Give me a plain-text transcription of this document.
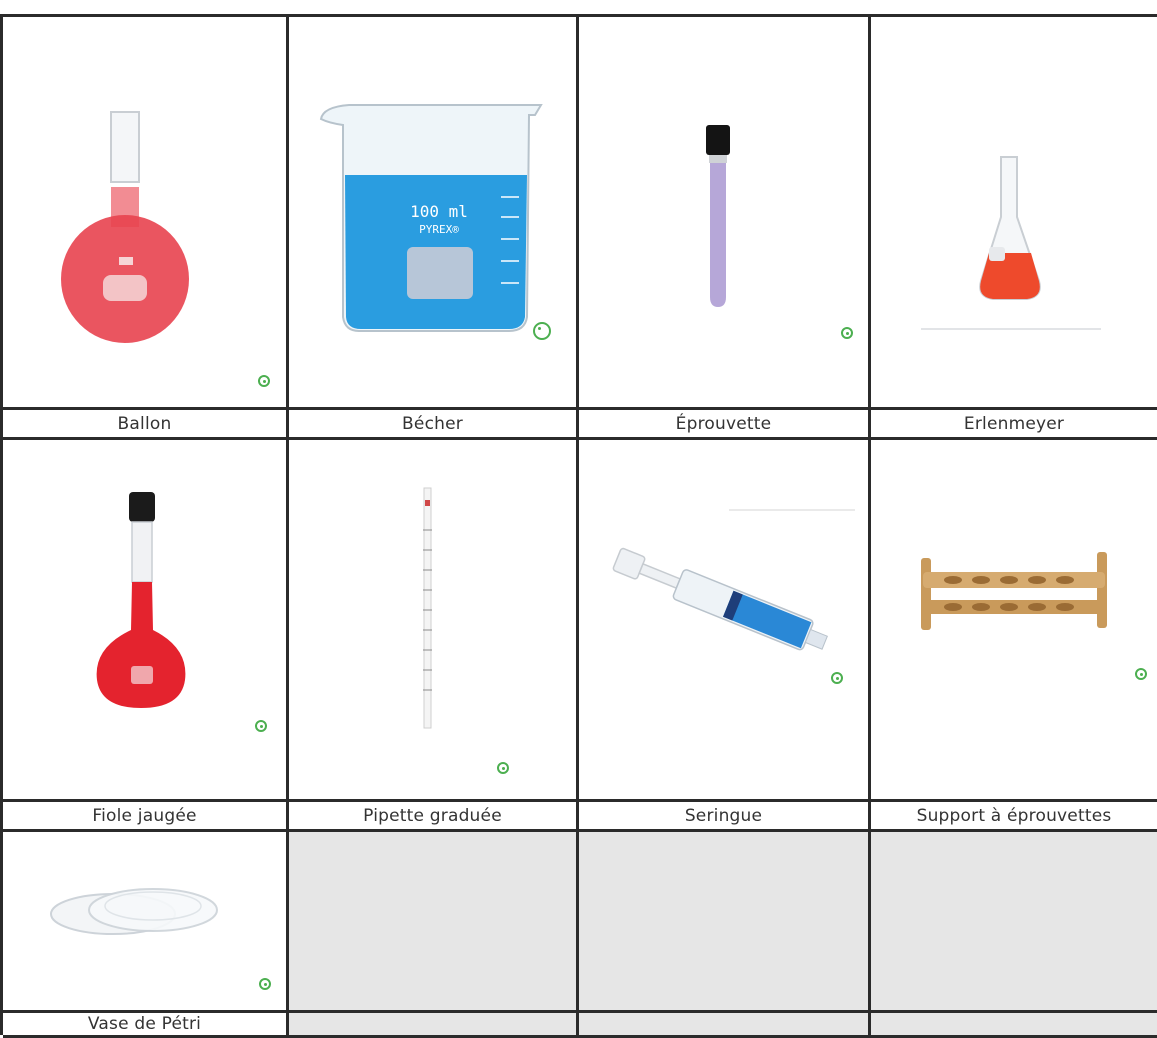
100 ml
PYREX®
Ballon	Bécher	Éprouvette	Erlenmeyer
Fiole jaugée	Pipette graduée	Seringue	Support à éprouvettes
Vase de Pétri
